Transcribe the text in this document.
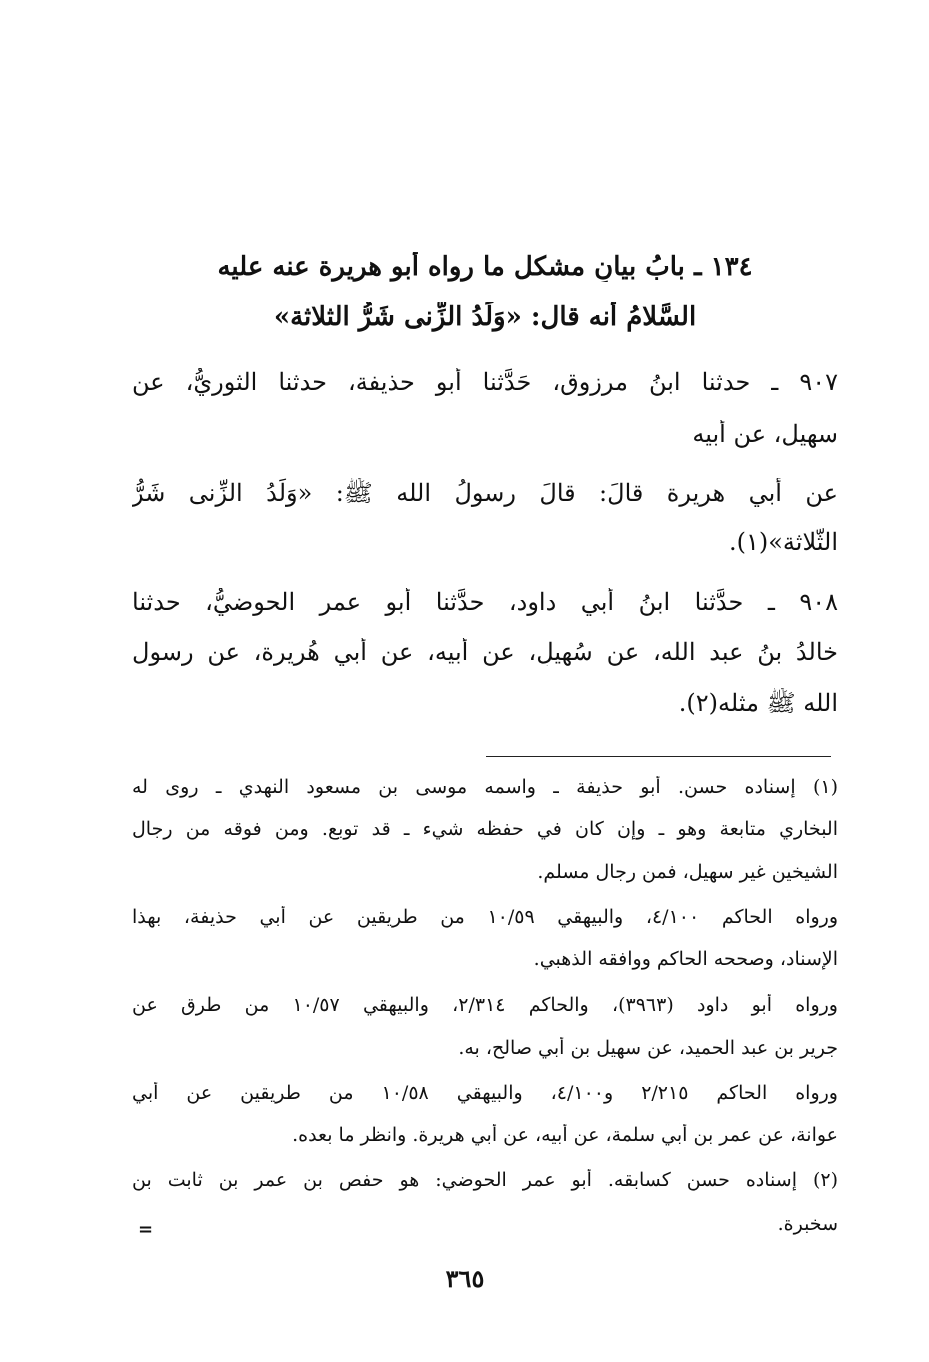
١٣٤ ـ بابُ بيانِ مشكل ما رواه أبو هريرة عنه عليه
السَّلامُ أنه قال: «وَلَدُ الزِّنى شَرُّ الثلاثة»
٩٠٧ ـ حدثنا ابنُ مرزوق، حَدَّثنا أبو حذيفة، حدثنا الثوريُّ، عن
سهيل، عن أبيه
عن أبي هريرة قالَ: قالَ رسولُ الله ﷺ: «وَلَدُ الزِّنى شَرُّ
الثَّلاثة»(١).
٩٠٨ ـ حدَّثنا ابنُ أبي داود، حدَّثنا أبو عمر الحوضيُّ، حدثنا
خالدُ بنُ عبد الله، عن سُهيلٍ، عن أبيه، عن أبي هُريرة، عن رسولِ
الله ﷺ مثله(٢).
(١) إسناده حسن. أبو حذيفة ـ واسمه موسى بن مسعود النهدي ـ روى له
البخاري متابعة وهو ـ وإن كان في حفظه شيء ـ قد توبع. ومن فوقه من رجال
الشيخين غير سهيل، فمن رجال مسلم.
ورواه الحاكم ٤/١٠٠، والبيهقي ١٠/٥٩ من طريقين عن أبي حذيفة، بهذا
الإسناد، وصححه الحاكم ووافقه الذهبي.
ورواه أبو داود (٣٩٦٣)، والحاكم ٢/٣١٤، والبيهقي ١٠/٥٧ من طرق عن
جرير بن عبد الحميد، عن سهيل بن أبي صالح، به.
ورواه الحاكم ٢/٢١٥ و٤/١٠٠، والبيهقي ١٠/٥٨ من طريقين عن أبي
عوانة، عن عمر بن أبي سلمة، عن أبيه، عن أبي هريرة. وانظر ما بعده.
(٢) إسناده حسن كسابقه. أبو عمر الحوضي: هو حفص بن عمر بن ثابت بن
سخبرة.
=
٣٦٥
